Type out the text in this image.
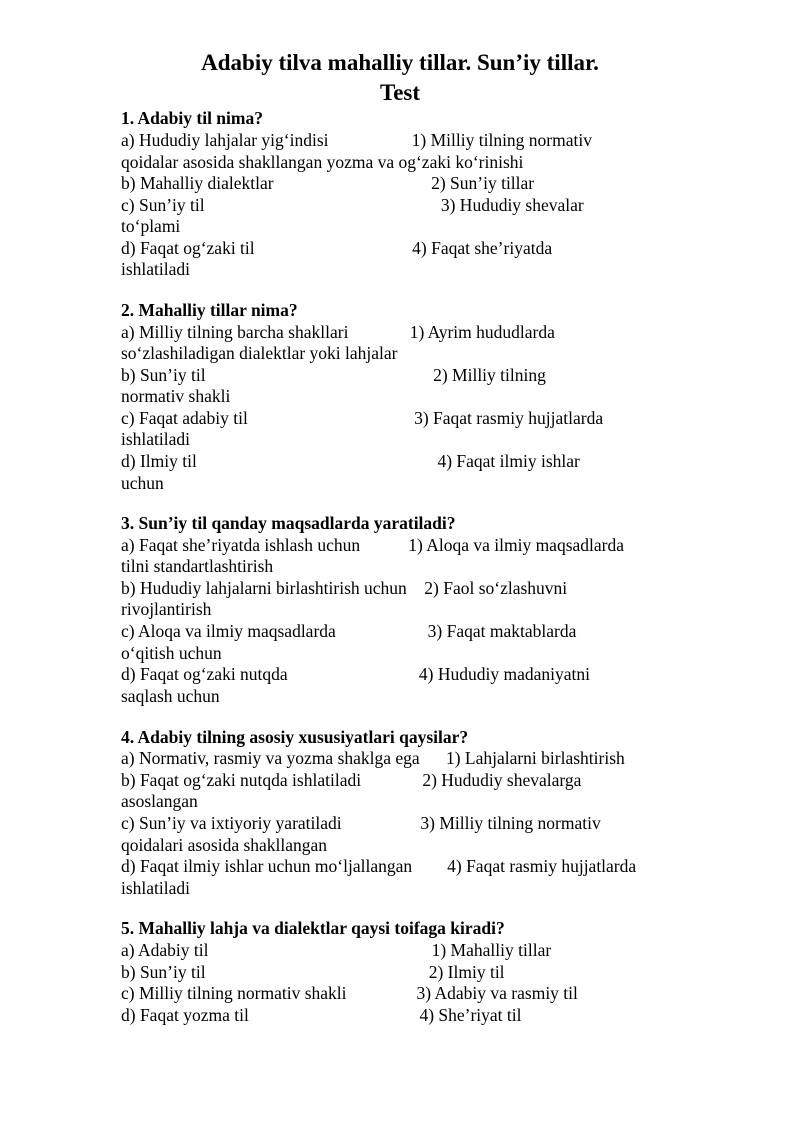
Adabiy tilva mahalliy tillar. Sun’iy tillar.
Test
1. Adabiy til nima?
a) Hududiy lahjalar yig‘indisi                   1) Milliy tilning normativ
qoidalar asosida shakllangan yozma va og‘zaki ko‘rinishi
b) Mahalliy dialektlar                                    2) Sun’iy tillar
c) Sun’iy til                                                      3) Hududiy shevalar
to‘plami
d) Faqat og‘zaki til                                    4) Faqat she’riyatda
ishlatiladi
2. Mahalliy tillar nima?
a) Milliy tilning barcha shakllari              1) Ayrim hududlarda
so‘zlashiladigan dialektlar yoki lahjalar
b) Sun’iy til                                                    2) Milliy tilning
normativ shakli
c) Faqat adabiy til                                      3) Faqat rasmiy hujjatlarda
ishlatiladi
d) Ilmiy til                                                       4) Faqat ilmiy ishlar
uchun
3. Sun’iy til qanday maqsadlarda yaratiladi?
a) Faqat she’riyatda ishlash uchun           1) Aloqa va ilmiy maqsadlarda
tilni standartlashtirish
b) Hududiy lahjalarni birlashtirish uchun    2) Faol so‘zlashuvni
rivojlantirish
c) Aloqa va ilmiy maqsadlarda                     3) Faqat maktablarda
o‘qitish uchun
d) Faqat og‘zaki nutqda                              4) Hududiy madaniyatni
saqlash uchun
4. Adabiy tilning asosiy xususiyatlari qaysilar?
a) Normativ, rasmiy va yozma shaklga ega      1) Lahjalarni birlashtirish
b) Faqat og‘zaki nutqda ishlatiladi              2) Hududiy shevalarga
asoslangan
c) Sun’iy va ixtiyoriy yaratiladi                  3) Milliy tilning normativ
qoidalari asosida shakllangan
d) Faqat ilmiy ishlar uchun mo‘ljallangan        4) Faqat rasmiy hujjatlarda
ishlatiladi
5. Mahalliy lahja va dialektlar qaysi toifaga kiradi?
a) Adabiy til                                                   1) Mahalliy tillar
b) Sun’iy til                                                   2) Ilmiy til
c) Milliy tilning normativ shakli                3) Adabiy va rasmiy til
d) Faqat yozma til                                       4) She’riyat til
